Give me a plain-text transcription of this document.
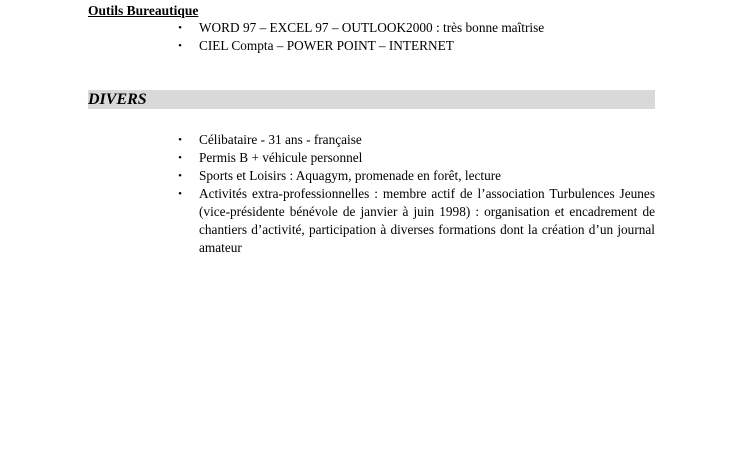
Outils Bureautique
• WORD 97 – EXCEL 97 – OUTLOOK2000 : très bonne maîtrise
• CIEL Compta – POWER POINT – INTERNET
DIVERS
• Célibataire - 31 ans - française
• Permis B + véhicule personnel
• Sports et Loisirs : Aquagym, promenade en forêt, lecture
• Activités extra-professionnelles : membre actif de l’association Turbulences Jeunes (vice-présidente bénévole de janvier à juin 1998) : organisation et encadrement de chantiers d’activité, participation à diverses formations dont la création d’un journal amateur
